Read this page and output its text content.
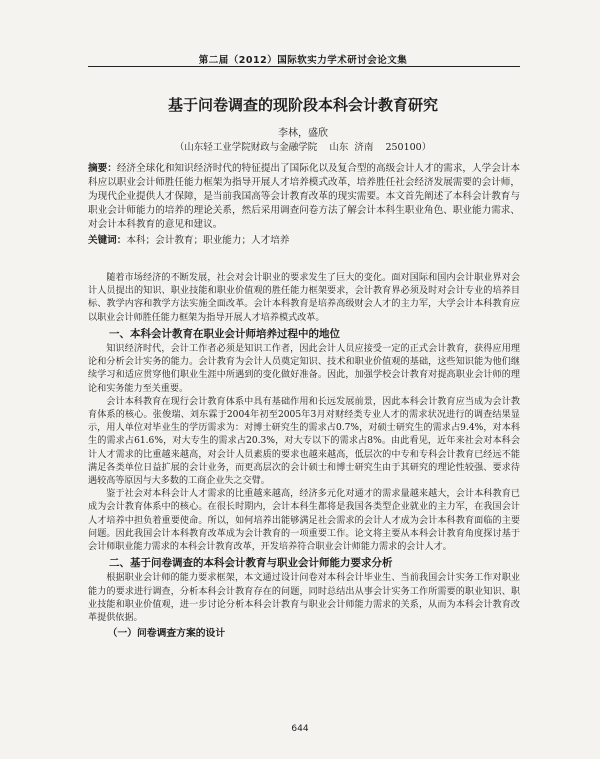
第二届（2012）国际软实力学术研讨会论文集
基于问卷调查的现阶段本科会计教育研究
李林，盛欣
（山东轻工业学院财政与金融学院    山东  济南    250100）
摘要：经济全球化和知识经济时代的特征提出了国际化以及复合型的高级会计人才的需求，人学会计本科应以职业会计师胜任能力框架为指导开展人才培养模式改革，培养胜任社会经济发展需要的会计师，为现代企业提供人才保障，是当前我国高等会计教育改革的现实需要。本文首先阐述了本科会计教育与职业会计师能力的培养的理论关系，然后采用调查问卷方法了解会计本科生职业角色、职业能力需求、对会计本科教育的意见和建议。
关键词：本科；会计教育；职业能力；人才培养

随着市场经济的不断发展，社会对会计职业的要求发生了巨大的变化。面对国际和国内会计职业界对会计人员提出的知识、职业技能和职业价值观的胜任能力框架要求，会计教育界必须及时对会计专业的培养目标、教学内容和教学方法实施全面改革。会计本科教育是培养高级财会人才的主力军，大学会计本科教育应以职业会计师胜任能力框架为指导开展人才培养模式改革。

一、本科会计教育在职业会计师培养过程中的地位

知识经济时代，会计工作者必须是知识工作者，因此会计人员应接受一定的正式会计教育，获得应用理论和分析会计实务的能力。会计教育为会计人员奠定知识、技术和职业价值观的基础，这些知识能为他们继续学习和适应贯穿他们职业生涯中所遇到的变化做好准备。因此，加强学校会计教育对提高职业会计师的理论和实务能力至关重要。

会计本科教育在现行会计教育体系中具有基础作用和长远发展前景，因此本科会计教育应当成为会计教育体系的核心。张俊瑞、刘东霖于2004年初至2005年3月对财经类专业人才的需求状况进行的调查结果显示，用人单位对毕业生的学历需求为：对博士研究生的需求占0.7%，对硕士研究生的需求占9.4%，对本科生的需求占61.6%，对大专生的需求占20.3%，对大专以下的需求占8%。由此看见，近年来社会对本科会计人才需求的比重越来越高，对会计人员素质的要求也越来越高，低层次的中专和专科会计教育已经远不能满足各类单位日益扩展的会计业务，而更高层次的会计硕士和博士研究生由于其研究的理论性较强、要求待遇较高等原因与大多数的工商企业失之交臂。

鉴于社会对本科会计人才需求的比重越来越高，经济多元化对通才的需求量越来越大，会计本科教育已成为会计教育体系中的核心。在很长时期内，会计本科生都将是我国各类型企业就业的主力军，在我国会计人才培养中担负着重要使命。所以，如何培养出能够满足社会需求的会计人才成为会计本科教育面临的主要问题。因此我国会计本科教育改革成为会计教育的一项重要工作。论文将主要从本科会计教育角度探讨基于会计师职业能力需求的本科会计教育改革，开发培养符合职业会计师能力需求的会计人才。

二、基于问卷调查的本科会计教育与职业会计师能力要求分析

根据职业会计师的能力要求框架，本文通过设计问卷对本科会计毕业生、当前我国会计实务工作对职业能力的要求进行调查，分析本科会计教育存在的问题，同时总结出从事会计实务工作所需要的职业知识、职业技能和职业价值观，进一步讨论分析本科会计教育与职业会计师能力需求的关系，从而为本科会计教育改革提供依据。

（一）问卷调查方案的设计
644
